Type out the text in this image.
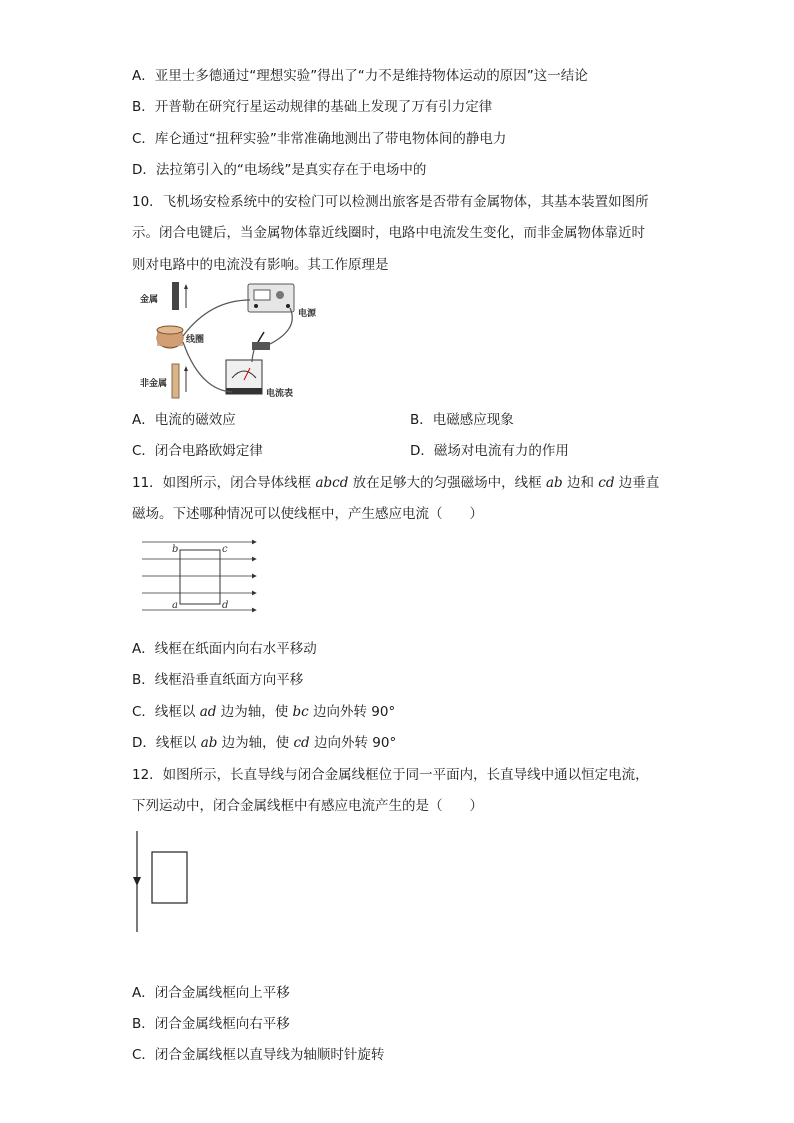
A．亚里士多德通过“理想实验”得出了“力不是维持物体运动的原因”这一结论
B．开普勒在研究行星运动规律的基础上发现了万有引力定律
C．库仑通过“扭秤实验”非常准确地测出了带电物体间的静电力
D．法拉第引入的“电场线”是真实存在于电场中的
10．飞机场安检系统中的安检门可以检测出旅客是否带有金属物体，其基本装置如图所
示。闭合电键后，当金属物体靠近线圈时，电路中电流发生变化，而非金属物体靠近时
则对电路中的电流没有影响。其工作原理是
金属
线圈
非金属
电源
电流表
A．电流的磁效应	B．电磁感应现象
C．闭合电路欧姆定律	D．磁场对电流有力的作用
11．如图所示，闭合导体线框 abcd 放在足够大的匀强磁场中，线框 ab 边和 cd 边垂直
磁场。下述哪种情况可以使线框中，产生感应电流（　　）
b	c
a	d
A．线框在纸面内向右水平移动
B．线框沿垂直纸面方向平移
C．线框以 ad 边为轴，使 bc 边向外转 90°
D．线框以 ab 边为轴，使 cd 边向外转 90°
12．如图所示，长直导线与闭合金属线框位于同一平面内，长直导线中通以恒定电流，
下列运动中，闭合金属线框中有感应电流产生的是（　　）
A．闭合金属线框向上平移
B．闭合金属线框向右平移
C．闭合金属线框以直导线为轴顺时针旋转
